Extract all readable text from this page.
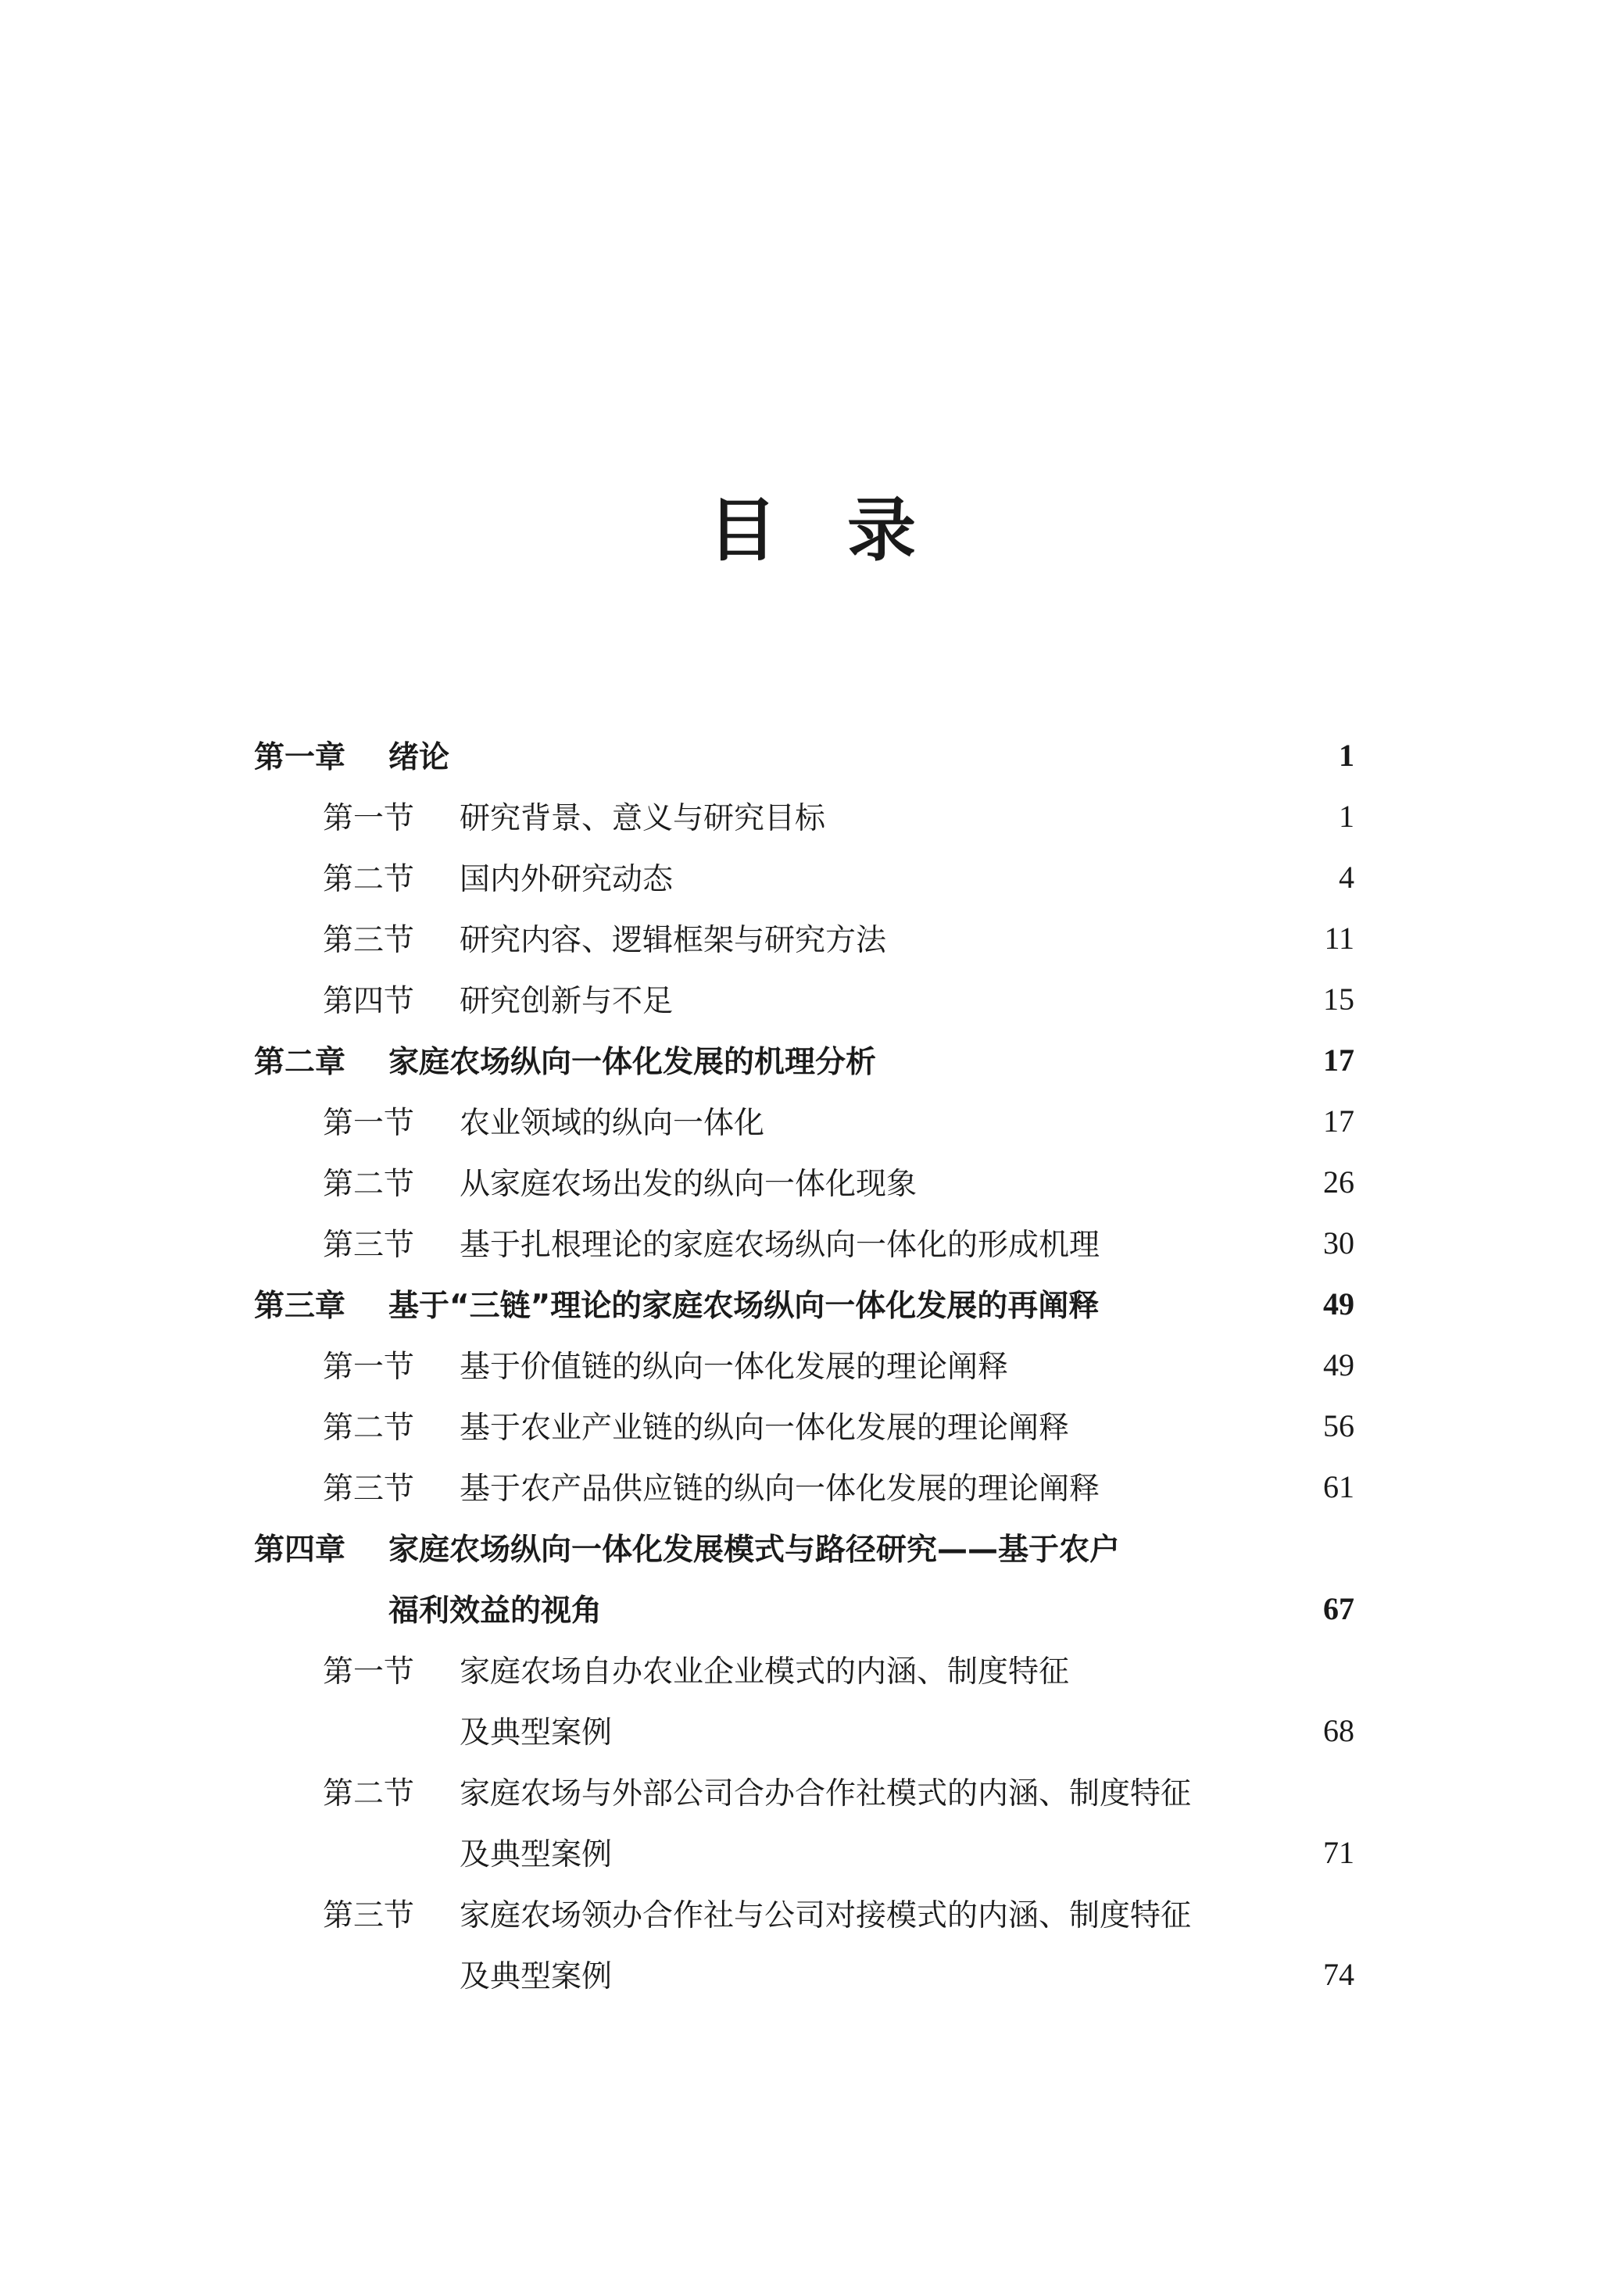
目 录
第一章	绪论	1
第一节	研究背景、意义与研究目标	1
第二节	国内外研究动态	4
第三节	研究内容、逻辑框架与研究方法	11
第四节	研究创新与不足	15
第二章	家庭农场纵向一体化发展的机理分析	17
第一节	农业领域的纵向一体化	17
第二节	从家庭农场出发的纵向一体化现象	26
第三节	基于扎根理论的家庭农场纵向一体化的形成机理	30
第三章	基于“三链”理论的家庭农场纵向一体化发展的再阐释	49
第一节	基于价值链的纵向一体化发展的理论阐释	49
第二节	基于农业产业链的纵向一体化发展的理论阐释	56
第三节	基于农产品供应链的纵向一体化发展的理论阐释	61
第四章	家庭农场纵向一体化发展模式与路径研究——基于农户
福利效益的视角	67
第一节	家庭农场自办农业企业模式的内涵、制度特征
及典型案例	68
第二节	家庭农场与外部公司合办合作社模式的内涵、制度特征
及典型案例	71
第三节	家庭农场领办合作社与公司对接模式的内涵、制度特征
及典型案例	74
